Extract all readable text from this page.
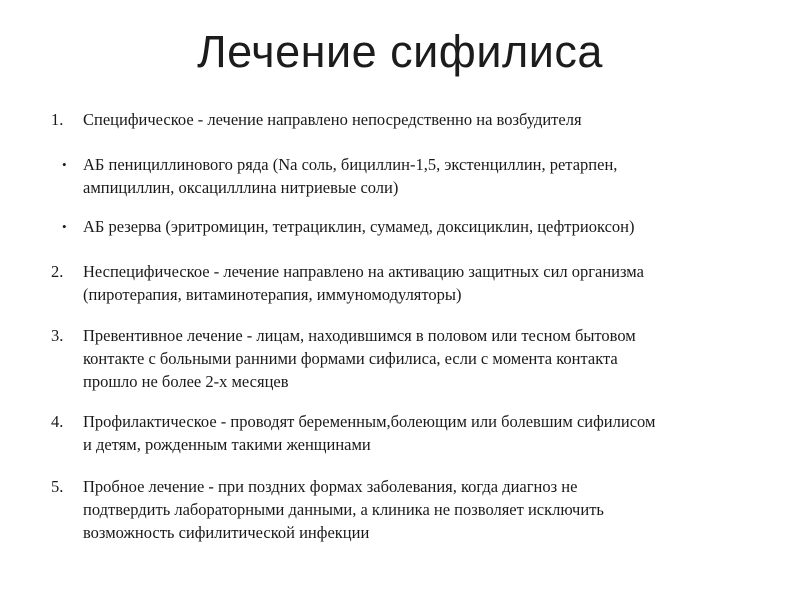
Лечение сифилиса
1.	Специфическое - лечение направлено непосредственно на возбудителя
• АБ пенициллинового ряда (Na соль, бициллин-1,5, экстенциллин, ретарпен,
ампициллин, оксацилллина нитриевые соли)
• АБ резерва (эритромицин, тетрациклин, сумамед, доксициклин, цефтриоксон)
2.	Неспецифическое - лечение направлено на активацию защитных сил организма
(пиротерапия, витаминотерапия, иммуномодуляторы)
3.	Превентивное лечение - лицам, находившимся в половом или тесном бытовом
контакте с больными ранними формами сифилиса, если с момента контакта
прошло не более 2-х месяцев
4.	Профилактическое - проводят беременным,болеющим или болевшим сифилисом
и детям, рожденным такими женщинами
5.	Пробное лечение - при поздних формах заболевания, когда диагноз не
подтвердить лабораторными данными, а клиника не позволяет исключить
возможность сифилитической инфекции
